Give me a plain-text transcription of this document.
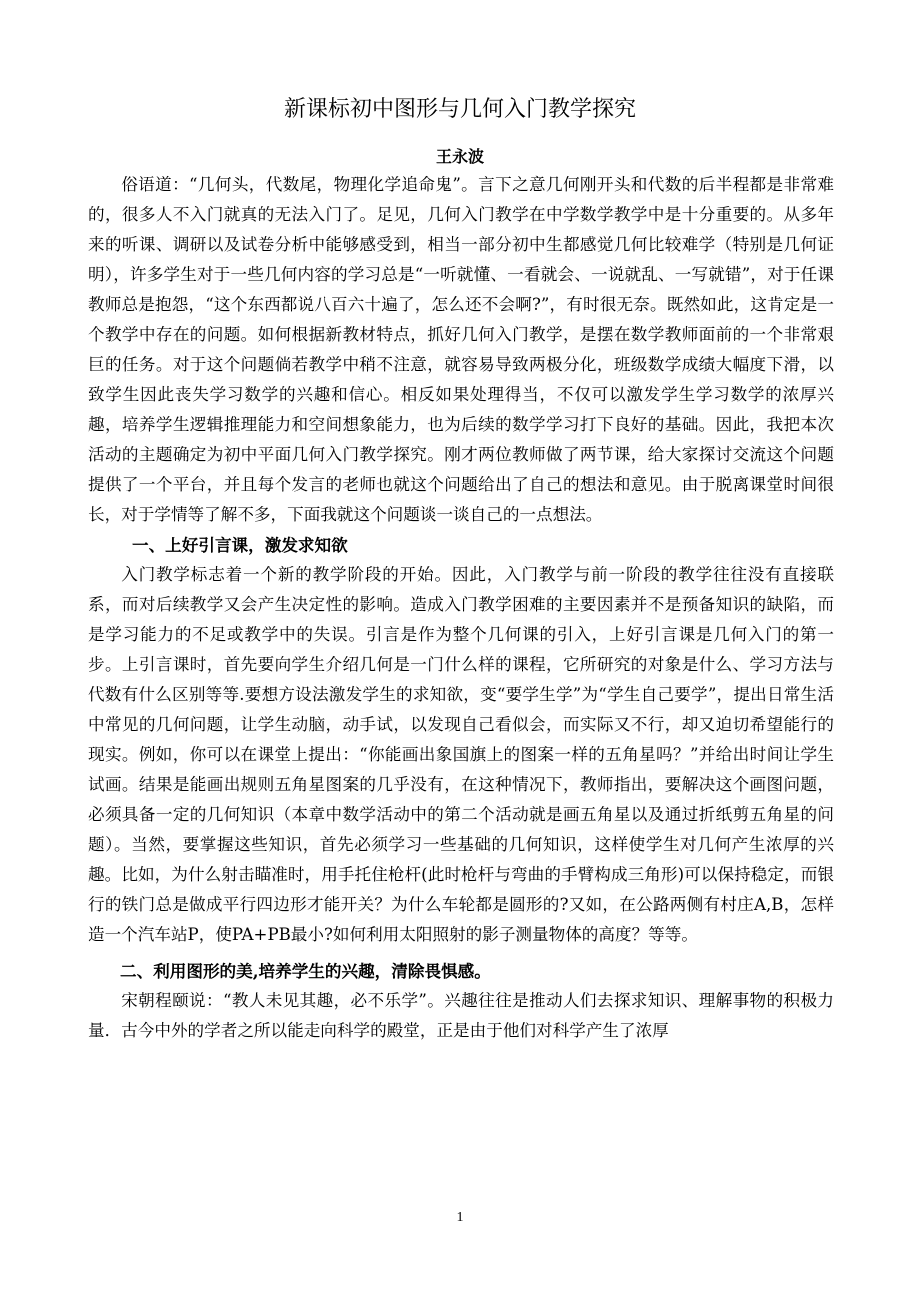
新课标初中图形与几何入门教学探究
王永波

俗语道：“几何头，代数尾，物理化学追命鬼”。言下之意几何刚开头和代数的后半程都是非常难的，很多人不入门就真的无法入门了。足见，几何入门教学在中学数学教学中是十分重要的。从多年来的听课、调研以及试卷分析中能够感受到，相当一部分初中生都感觉几何比较难学（特别是几何证明），许多学生对于一些几何内容的学习总是“一听就懂、一看就会、一说就乱、一写就错”，对于任课教师总是抱怨，“这个东西都说八百六十遍了，怎么还不会啊?”，有时很无奈。既然如此，这肯定是一个教学中存在的问题。如何根据新教材特点，抓好几何入门教学，是摆在数学教师面前的一个非常艰巨的任务。对于这个问题倘若教学中稍不注意，就容易导致两极分化，班级数学成绩大幅度下滑，以致学生因此丧失学习数学的兴趣和信心。相反如果处理得当，不仅可以激发学生学习数学的浓厚兴趣，培养学生逻辑推理能力和空间想象能力，也为后续的数学学习打下良好的基础。因此，我把本次活动的主题确定为初中平面几何入门教学探究。刚才两位教师做了两节课，给大家探讨交流这个问题提供了一个平台，并且每个发言的老师也就这个问题给出了自己的想法和意见。由于脱离课堂时间很长，对于学情等了解不多，下面我就这个问题谈一谈自己的一点想法。

一、上好引言课，激发求知欲

入门教学标志着一个新的教学阶段的开始。因此，入门教学与前一阶段的教学往往没有直接联系，而对后续教学又会产生决定性的影响。造成入门教学困难的主要因素并不是预备知识的缺陷，而是学习能力的不足或教学中的失误。引言是作为整个几何课的引入，上好引言课是几何入门的第一步。上引言课时，首先要向学生介绍几何是一门什么样的课程，它所研究的对象是什么、学习方法与代数有什么区别等等.要想方设法激发学生的求知欲，变“要学生学”为“学生自己要学”，提出日常生活中常见的几何问题，让学生动脑，动手试，以发现自己看似会，而实际又不行，却又迫切希望能行的现实。例如，你可以在课堂上提出：“你能画出象国旗上的图案一样的五角星吗？”并给出时间让学生试画。结果是能画出规则五角星图案的几乎没有，在这种情况下，教师指出，要解决这个画图问题，必须具备一定的几何知识（本章中数学活动中的第二个活动就是画五角星以及通过折纸剪五角星的问题）。当然，要掌握这些知识，首先必须学习一些基础的几何知识，这样使学生对几何产生浓厚的兴趣。比如，为什么射击瞄准时，用手托住枪杆(此时枪杆与弯曲的手臂构成三角形)可以保持稳定，而银行的铁门总是做成平行四边形才能开关？为什么车轮都是圆形的?又如，在公路两侧有村庄A,B，怎样造一个汽车站P，使PA+PB最小?如何利用太阳照射的影子测量物体的高度？等等。

二、利用图形的美,培养学生的兴趣，清除畏惧感。

宋朝程颐说：“教人未见其趣，必不乐学”。兴趣往往是推动人们去探求知识、理解事物的积极力量．古今中外的学者之所以能走向科学的殿堂，正是由于他们对科学产生了浓厚

1
